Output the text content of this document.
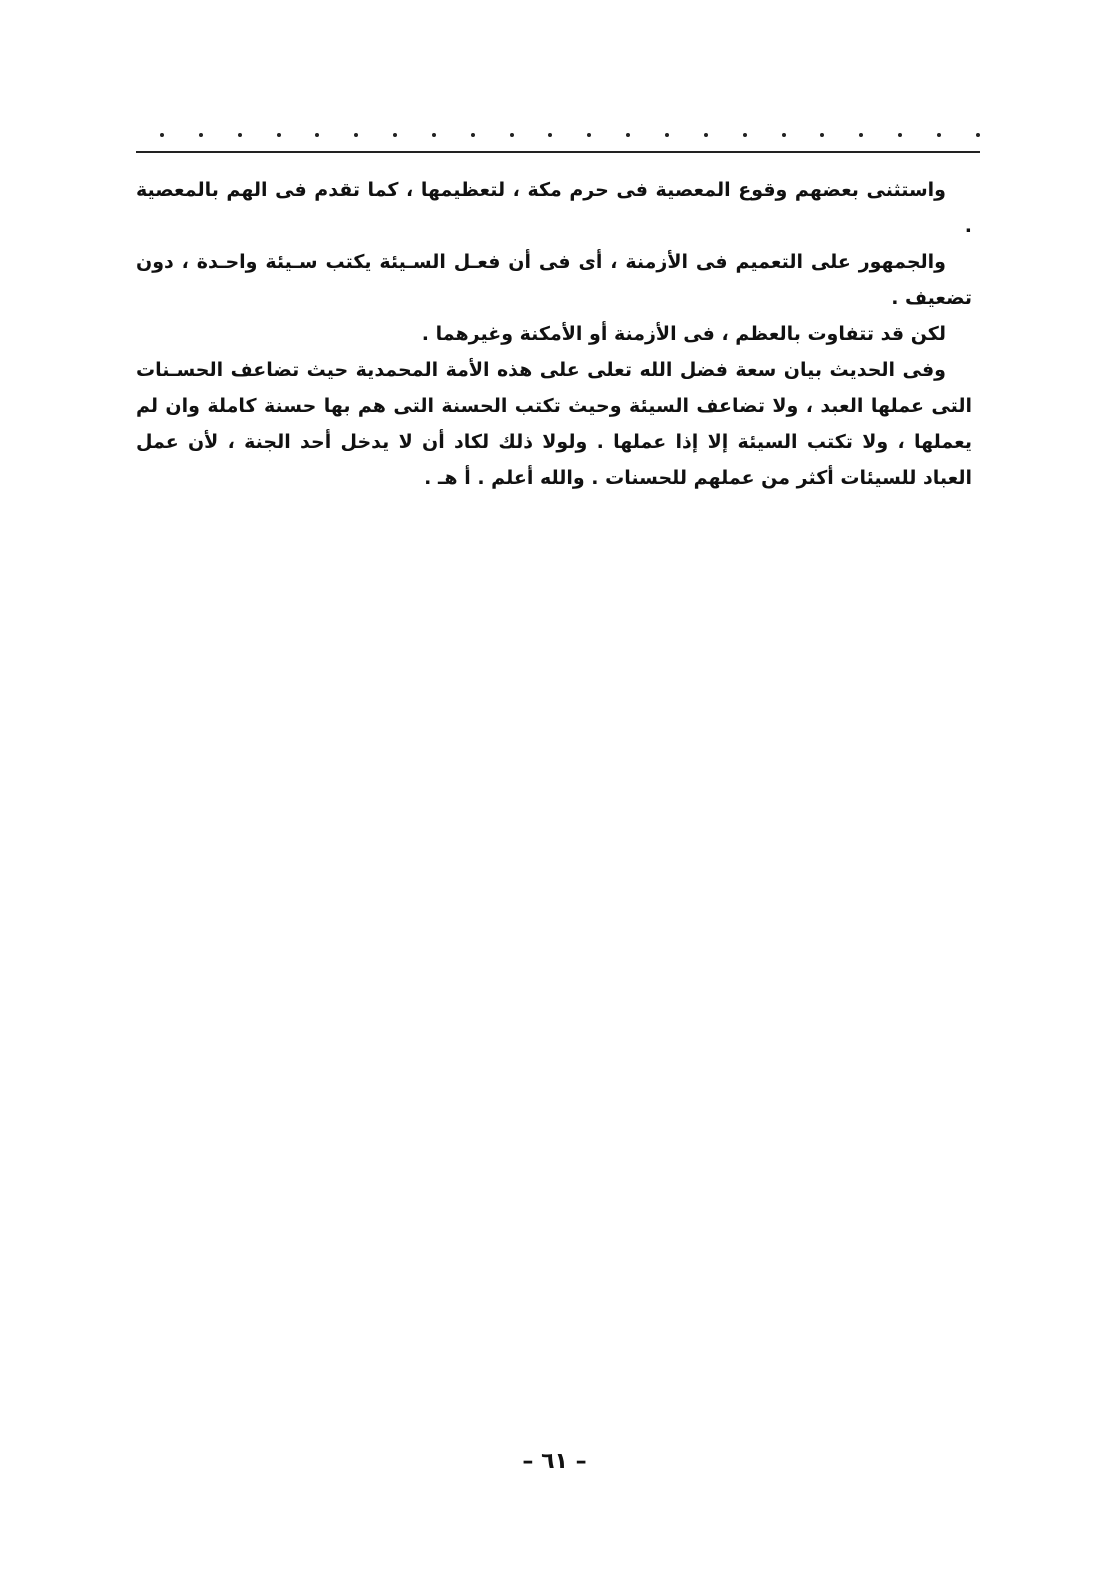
واستثنى بعضهم وقوع المعصية فى حرم مكة ، لتعظيمها ، كما تقدم فى الهم بالمعصية .

والجمهور على التعميم فى الأزمنة ، أى فى أن فعـل السـيئة يكتب سـيئة واحـدة ، دون تضعيف .

لكن قد تتفاوت بالعظم ، فى الأزمنة أو الأمكنة وغيرهما .

وفى الحديث بيان سعة فضل الله تعلى على هذه الأمة المحمدية حيث تضاعف الحسـنات التى عملها العبد ، ولا تضاعف السيئة وحيث تكتب الحسنة التى هم بها حسنة كاملة وان لم يعملها ، ولا تكتب السيئة إلا إذا عملها . ولولا ذلك لكاد أن لا يدخل أحد الجنة ، لأن عمل العباد للسيئات أكثر من عملهم للحسنات . والله أعلم . أ هـ .

– ٦١ –
